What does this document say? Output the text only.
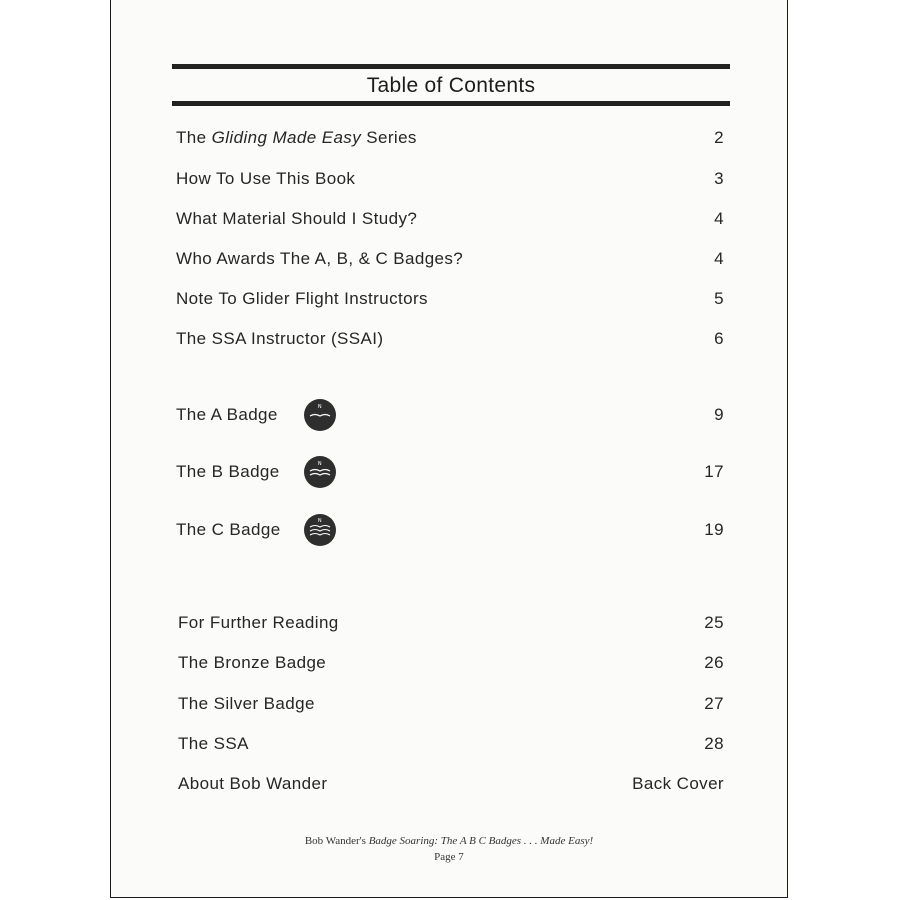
Table of Contents
The Gliding Made Easy Series	2
How To Use This Book	3
What Material Should I Study?	4
Who Awards The A, B, & C Badges?	4
Note To Glider Flight Instructors	5
The SSA Instructor (SSAI)	6
The A Badge	N	9
The B Badge	N	17
The C Badge	N	19
For Further Reading	25
The Bronze Badge	26
The Silver Badge	27
The SSA	28
About Bob Wander	Back Cover
Bob Wander's Badge Soaring: The A B C Badges . . . Made Easy!
Page 7
